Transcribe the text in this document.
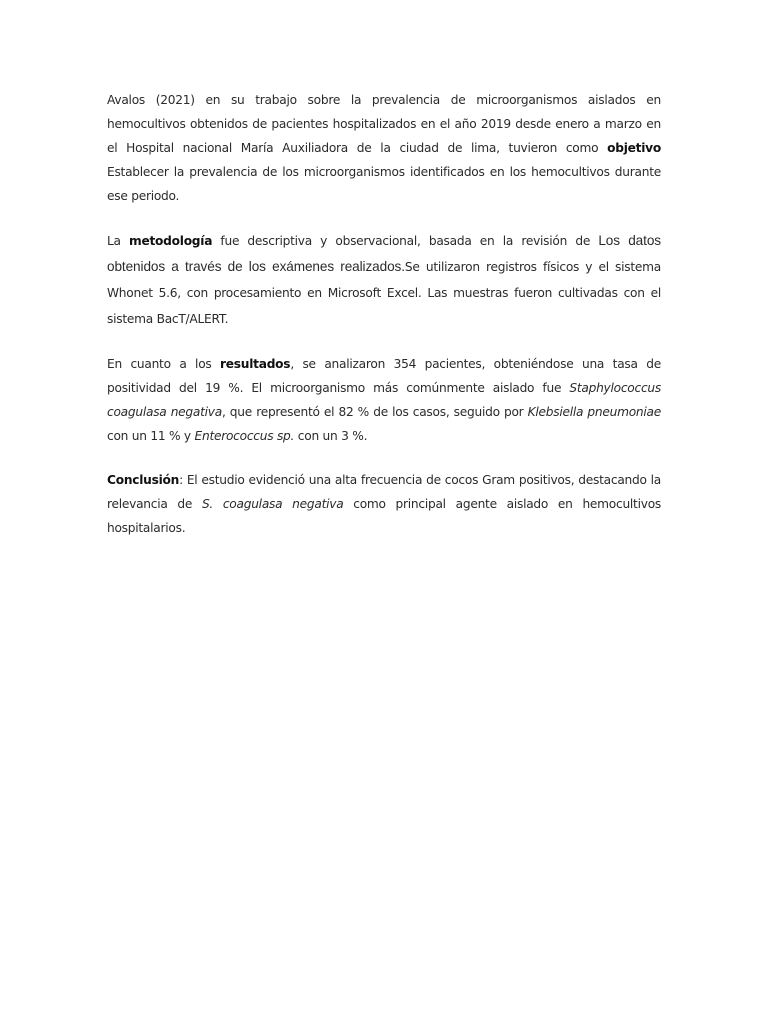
Avalos (2021) en su trabajo sobre la prevalencia de microorganismos aislados en hemocultivos obtenidos de pacientes hospitalizados en el año 2019 desde enero a marzo en el Hospital nacional María Auxiliadora de la ciudad de lima, tuvieron como objetivo Establecer la prevalencia de los microorganismos identificados en los hemocultivos durante ese periodo.

La metodología fue descriptiva y observacional, basada en la revisión de Los datos obtenidos a través de los exámenes realizados.Se utilizaron registros físicos y el sistema Whonet 5.6, con procesamiento en Microsoft Excel. Las muestras fueron cultivadas con el sistema BacT/ALERT.

En cuanto a los resultados, se analizaron 354 pacientes, obteniéndose una tasa de positividad del 19 %. El microorganismo más comúnmente aislado fue Staphylococcus coagulasa negativa, que representó el 82 % de los casos, seguido por Klebsiella pneumoniae con un 11 % y Enterococcus sp. con un 3 %.

Conclusión: El estudio evidenció una alta frecuencia de cocos Gram positivos, destacando la relevancia de S. coagulasa negativa como principal agente aislado en hemocultivos hospitalarios.
